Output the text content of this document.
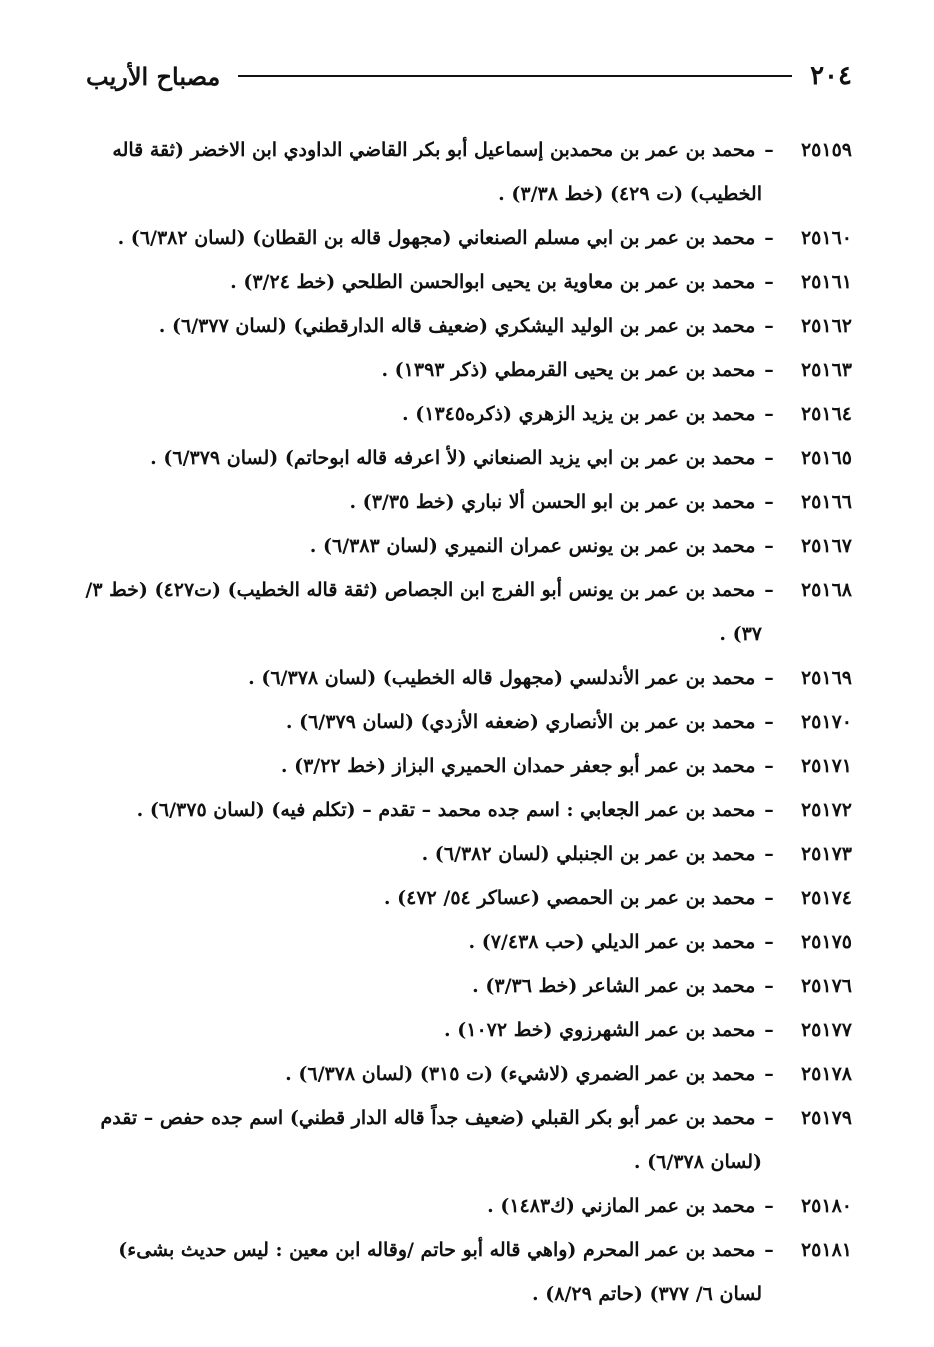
٢٠٤
مصباح الأريب
٢٥١٥٩– محمد بن عمر بن محمدبن إسماعيل أبو بكر القاضي الداودي ابن الاخضر (ثقة قاله الخطيب) (ت ٤٢٩) (خط ٣/٣٨) .
٢٥١٦٠– محمد بن عمر بن ابي مسلم الصنعاني (مجهول قاله بن القطان) (لسان ٦/٣٨٢) .
٢٥١٦١– محمد بن عمر بن معاوية بن يحيى ابوالحسن الطلحي (خط ٣/٢٤) .
٢٥١٦٢– محمد بن عمر بن الوليد اليشكري (ضعيف قاله الدارقطني) (لسان ٦/٣٧٧) .
٢٥١٦٣– محمد بن عمر بن يحيى القرمطي (ذكر ١٣٩٣) .
٢٥١٦٤– محمد بن عمر بن يزيد الزهري (ذكره١٣٤٥) .
٢٥١٦٥– محمد بن عمر بن ابي يزيد الصنعاني (لأ اعرفه قاله ابوحاتم) (لسان ٦/٣٧٩) .
٢٥١٦٦– محمد بن عمر بن ابو الحسن ألا نباري (خط ٣/٣٥) .
٢٥١٦٧– محمد بن عمر بن يونس عمران النميري (لسان ٦/٣٨٣) .
٢٥١٦٨– محمد بن عمر بن يونس أبو الفرج ابن الجصاص (ثقة قاله الخطيب) (ت٤٢٧) (خط ٣/ ٣٧) .
٢٥١٦٩– محمد بن عمر الأندلسي (مجهول قاله الخطيب) (لسان ٦/٣٧٨) .
٢٥١٧٠– محمد بن عمر بن الأنصاري (ضعفه الأزدي) (لسان ٦/٣٧٩) .
٢٥١٧١– محمد بن عمر أبو جعفر حمدان الحميري البزاز (خط ٣/٢٢) .
٢٥١٧٢– محمد بن عمر الجعابي : اسم جده محمد – تقدم – (تكلم فيه) (لسان ٦/٣٧٥) .
٢٥١٧٣– محمد بن عمر بن الجنبلي (لسان ٦/٣٨٢) .
٢٥١٧٤– محمد بن عمر بن الحمصي (عساكر ٥٤/ ٤٧٢) .
٢٥١٧٥– محمد بن عمر الديلي (حب ٧/٤٣٨) .
٢٥١٧٦– محمد بن عمر الشاعر (خط ٣/٣٦) .
٢٥١٧٧– محمد بن عمر الشهرزوي (خط ١٠٧٢) .
٢٥١٧٨– محمد بن عمر الضمري (لاشيء) (ت ٣١٥) (لسان ٦/٣٧٨) .
٢٥١٧٩– محمد بن عمر أبو بكر القبلي (ضعيف جداً قاله الدار قطني) اسم جده حفص – تقدم (لسان ٦/٣٧٨) .
٢٥١٨٠– محمد بن عمر المازني (ك١٤٨٣) .
٢٥١٨١– محمد بن عمر المحرم (واهي قاله أبو حاتم /وقاله ابن معين : ليس حديث بشىء) لسان ٦/ ٣٧٧) (حاتم ٨/٢٩) .
